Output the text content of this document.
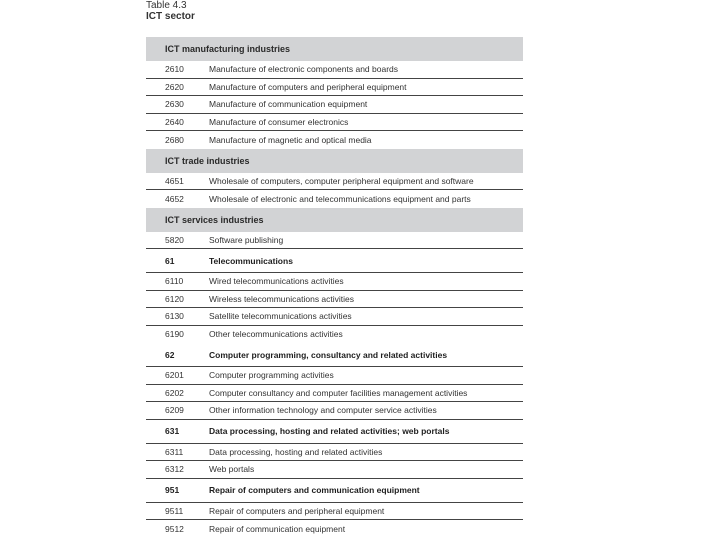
Table 4.3
ICT sector
ICT manufacturing industries
2610	Manufacture of electronic components and boards
2620	Manufacture of computers and peripheral equipment
2630	Manufacture of communication equipment
2640	Manufacture of consumer electronics
2680	Manufacture of magnetic and optical media
ICT trade industries
4651	Wholesale of computers, computer peripheral equipment and software
4652	Wholesale of electronic and telecommunications equipment and parts
ICT services industries
5820	Software publishing
61	Telecommunications
6110	Wired telecommunications activities
6120	Wireless telecommunications activities
6130	Satellite telecommunications activities
6190	Other telecommunications activities
62	Computer programming, consultancy and related activities
6201	Computer programming activities
6202	Computer consultancy and computer facilities management activities
6209	Other information technology and computer service activities
631	Data processing, hosting and related activities; web portals
6311	Data processing, hosting and related activities
6312	Web portals
951	Repair of computers and communication equipment
9511	Repair of computers and peripheral equipment
9512	Repair of communication equipment
